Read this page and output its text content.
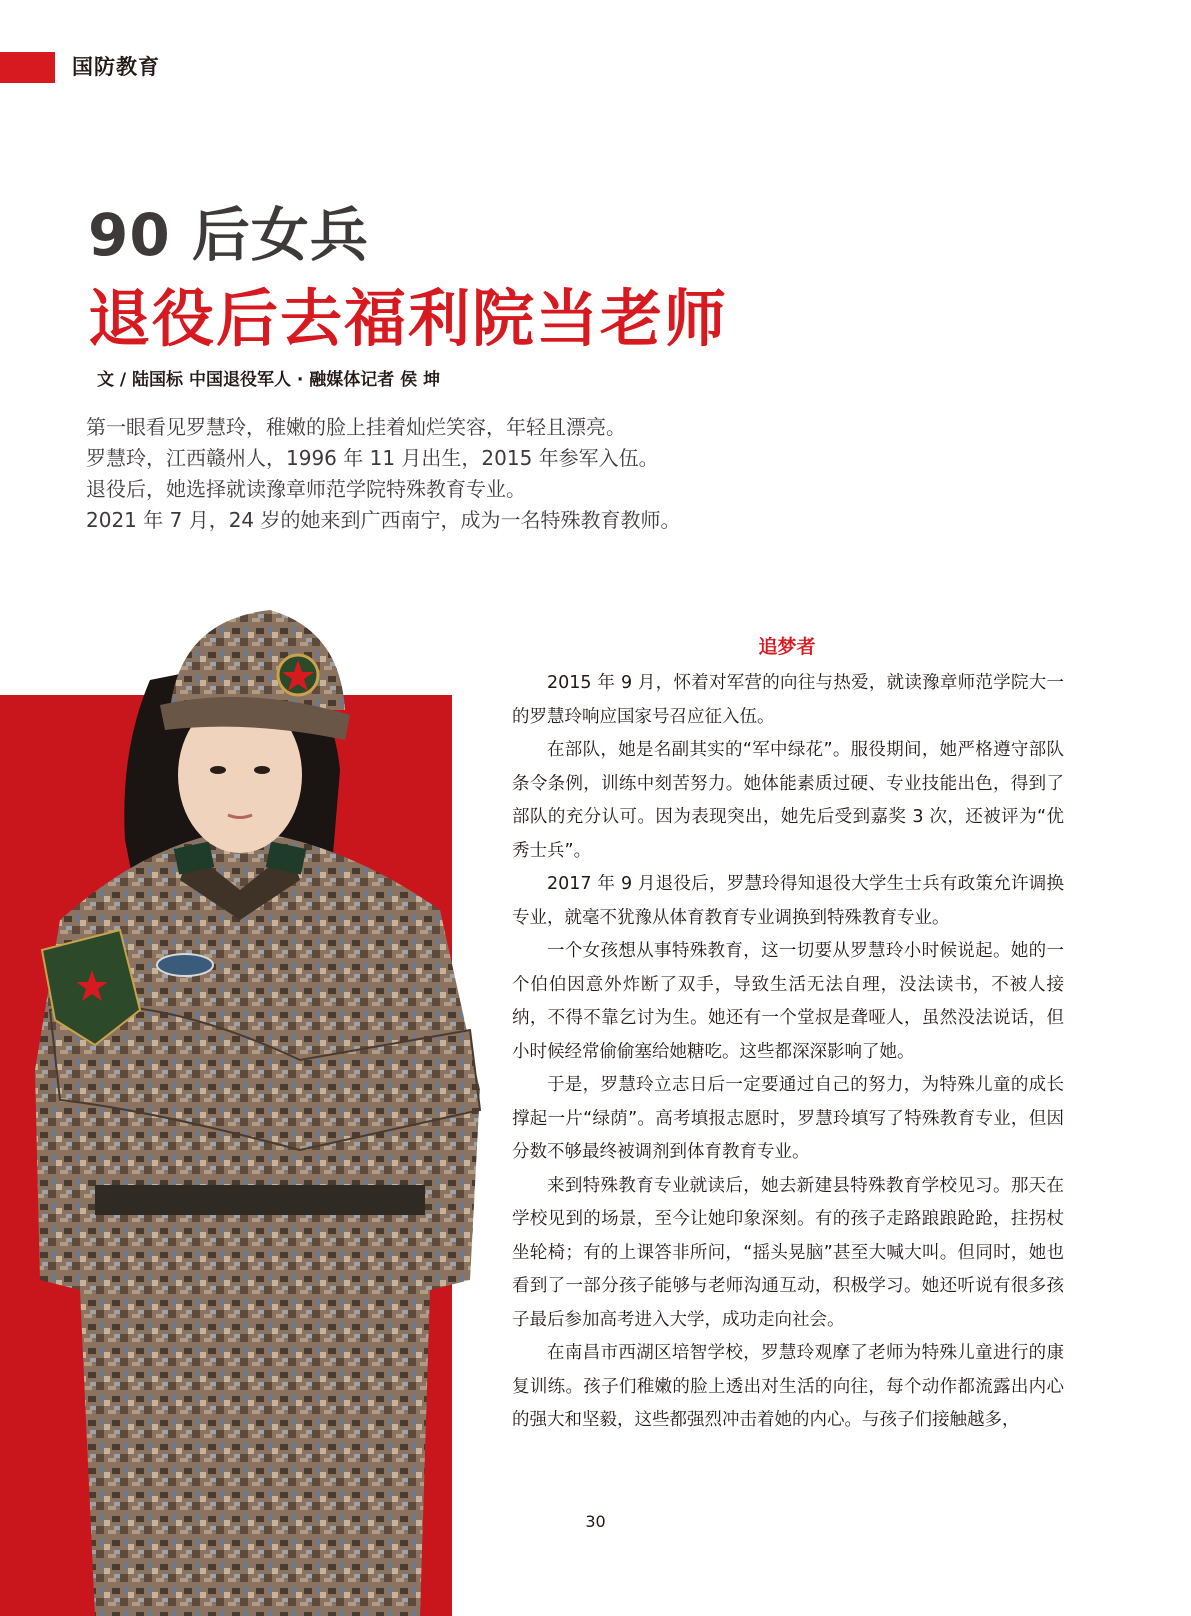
国防教育
90 后女兵
退役后去福利院当老师
文 / 陆国标 中国退役军人 · 融媒体记者 侯 坤

第一眼看见罗慧玲，稚嫩的脸上挂着灿烂笑容，年轻且漂亮。

罗慧玲，江西赣州人，1996 年 11 月出生，2015 年参军入伍。

退役后，她选择就读豫章师范学院特殊教育专业。

2021 年 7 月，24 岁的她来到广西南宁，成为一名特殊教育教师。

追梦者

2015 年 9 月，怀着对军营的向往与热爱，就读豫章师范学院大一的罗慧玲响应国家号召应征入伍。

在部队，她是名副其实的“军中绿花”。服役期间，她严格遵守部队条令条例，训练中刻苦努力。她体能素质过硬、专业技能出色，得到了部队的充分认可。因为表现突出，她先后受到嘉奖 3 次，还被评为“优秀士兵”。

2017 年 9 月退役后，罗慧玲得知退役大学生士兵有政策允许调换专业，就毫不犹豫从体育教育专业调换到特殊教育专业。

一个女孩想从事特殊教育，这一切要从罗慧玲小时候说起。她的一个伯伯因意外炸断了双手，导致生活无法自理，没法读书，不被人接纳，不得不靠乞讨为生。她还有一个堂叔是聋哑人，虽然没法说话，但小时候经常偷偷塞给她糖吃。这些都深深影响了她。

于是，罗慧玲立志日后一定要通过自己的努力，为特殊儿童的成长撑起一片“绿荫”。高考填报志愿时，罗慧玲填写了特殊教育专业，但因分数不够最终被调剂到体育教育专业。

来到特殊教育专业就读后，她去新建县特殊教育学校见习。那天在学校见到的场景，至今让她印象深刻。有的孩子走路踉踉跄跄，拄拐杖坐轮椅；有的上课答非所问，“摇头晃脑”甚至大喊大叫。但同时，她也看到了一部分孩子能够与老师沟通互动，积极学习。她还听说有很多孩子最后参加高考进入大学，成功走向社会。

在南昌市西湖区培智学校，罗慧玲观摩了老师为特殊儿童进行的康复训练。孩子们稚嫩的脸上透出对生活的向往，每个动作都流露出内心的强大和坚毅，这些都强烈冲击着她的内心。与孩子们接触越多，

30
